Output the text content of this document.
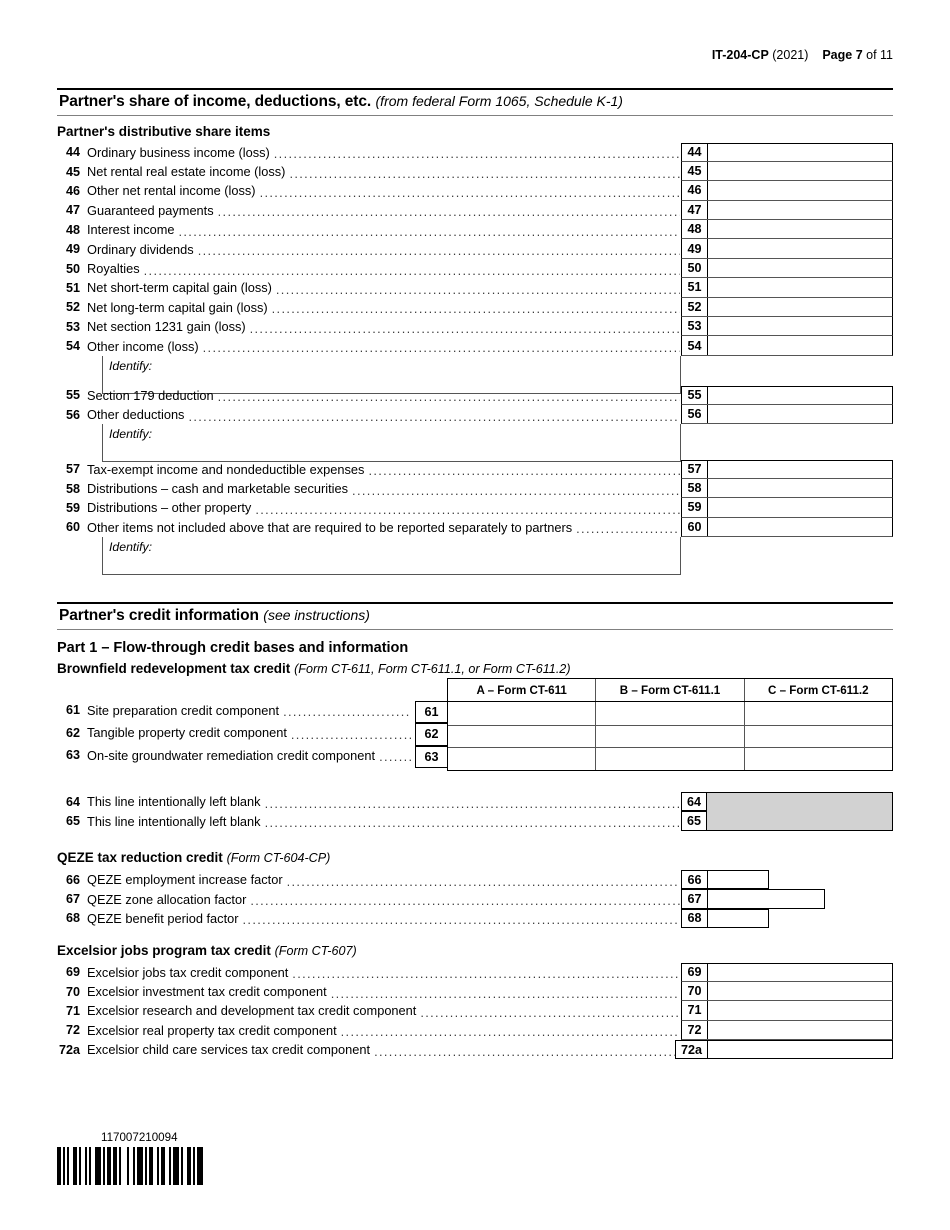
IT-204-CP (2021) Page 7 of 11
Partner's share of income, deductions, etc. (from federal Form 1065, Schedule K-1)
Partner's distributive share items
44 Ordinary business income (loss)
.....
45 Net rental real estate income (loss)
.....
46 Other net rental income (loss)
.....
47 Guaranteed payments
.....
48 Interest income
.....
49 Ordinary dividends
.....
50 Royalties
.....
51 Net short-term capital gain (loss)
.....
52 Net long-term capital gain (loss)
.....
53 Net section 1231 gain (loss)
.....
54 Other income (loss)
.....
44
45
46
47
48
49
50
51
52
53
54
Identify:
55 Section 179 deduction
.....
56 Other deductions
.....
55
56
Identify:
57 Tax-exempt income and nondeductible expenses
.....
58 Distributions – cash and marketable securities
.....
59 Distributions – other property
.....
60 Other items not included above that are required to be reported separately to partners
.....
57
58
59
60
Identify:
Partner's credit information (see instructions)
Part 1 – Flow-through credit bases and information
Brownfield redevelopment tax credit (Form CT-611, Form CT-611.1, or Form CT-611.2)
61 Site preparation credit component
.....
62 Tangible property credit component
.....
63 On-site groundwater remediation credit component
.....
61
62
63
A – Form CT-611	B – Form CT-611.1	C – Form CT-611.2
64 This line intentionally left blank
.....
65 This line intentionally left blank
.....
64
65
QEZE tax reduction credit (Form CT-604-CP)
66 QEZE employment increase factor
.....
67 QEZE zone allocation factor
.....
68 QEZE benefit period factor
.....
66
67
68
Excelsior jobs program tax credit (Form CT-607)
69 Excelsior jobs tax credit component
.....
70 Excelsior investment tax credit component
.....
71 Excelsior research and development tax credit component
.....
72 Excelsior real property tax credit component
.....
72a Excelsior child care services tax credit component
.....
69
70
71
72
72a
117007210094
